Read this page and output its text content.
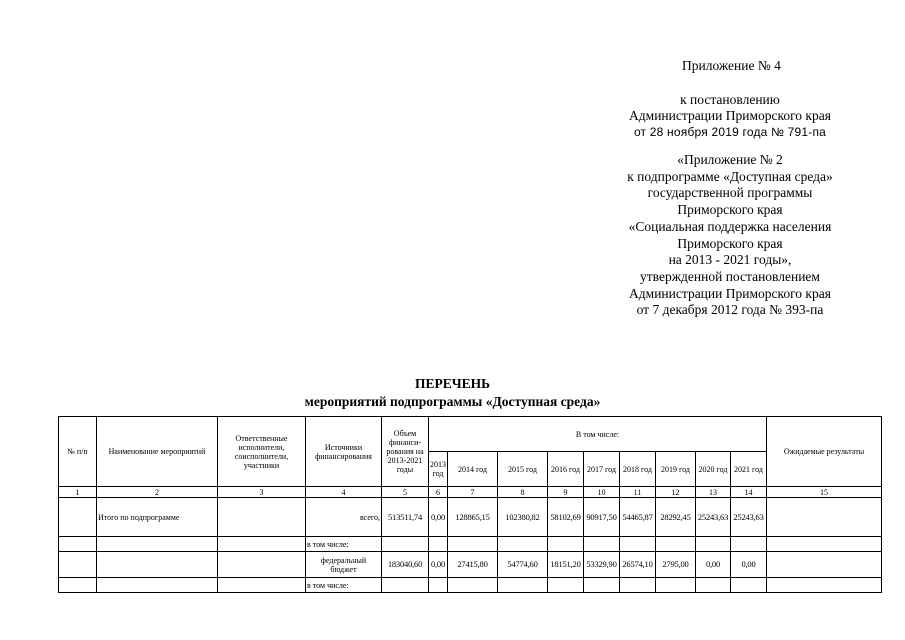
Приложение № 4
к постановлению
Администрации Приморского края
от 28 ноября 2019 года № 791-па
«Приложение № 2
к подпрограмме «Доступная среда»
государственной программы
Приморского края
«Социальная поддержка населения
Приморского края
на 2013 - 2021 годы»,
утвержденной постановлением
Администрации Приморского края
от 7 декабря 2012 года № 393-па
ПЕРЕЧЕНЬ
мероприятий подпрограммы «Доступная среда»
№ п/п	Наименование мероприятий	Ответственные исполнители, соисполнители, участники	Источники финансирования	Объем финанси-рования на 2013-2021 годы	В том числе:									Ожидаемые результаты
					2013 год	2014 год	2015 год	2016 год	2017 год	2018 год	2019 год	2020 год	2021 год	
1	2	3	4	5	6	7	8	9	10	11	12	13	14	15
	Итого по подпрограмме		всего,	513511,74	0,00	128865,15	102380,82	58102,69	90917,50	54465,87	28292,45	25243,63	25243,63	
			в том числе:											
			федеральный бюджет	183040,60	0,00	27415,80	54774,60	18151,20	53329,90	26574,10	2795,00	0,00	0,00	
			в том числе:											
